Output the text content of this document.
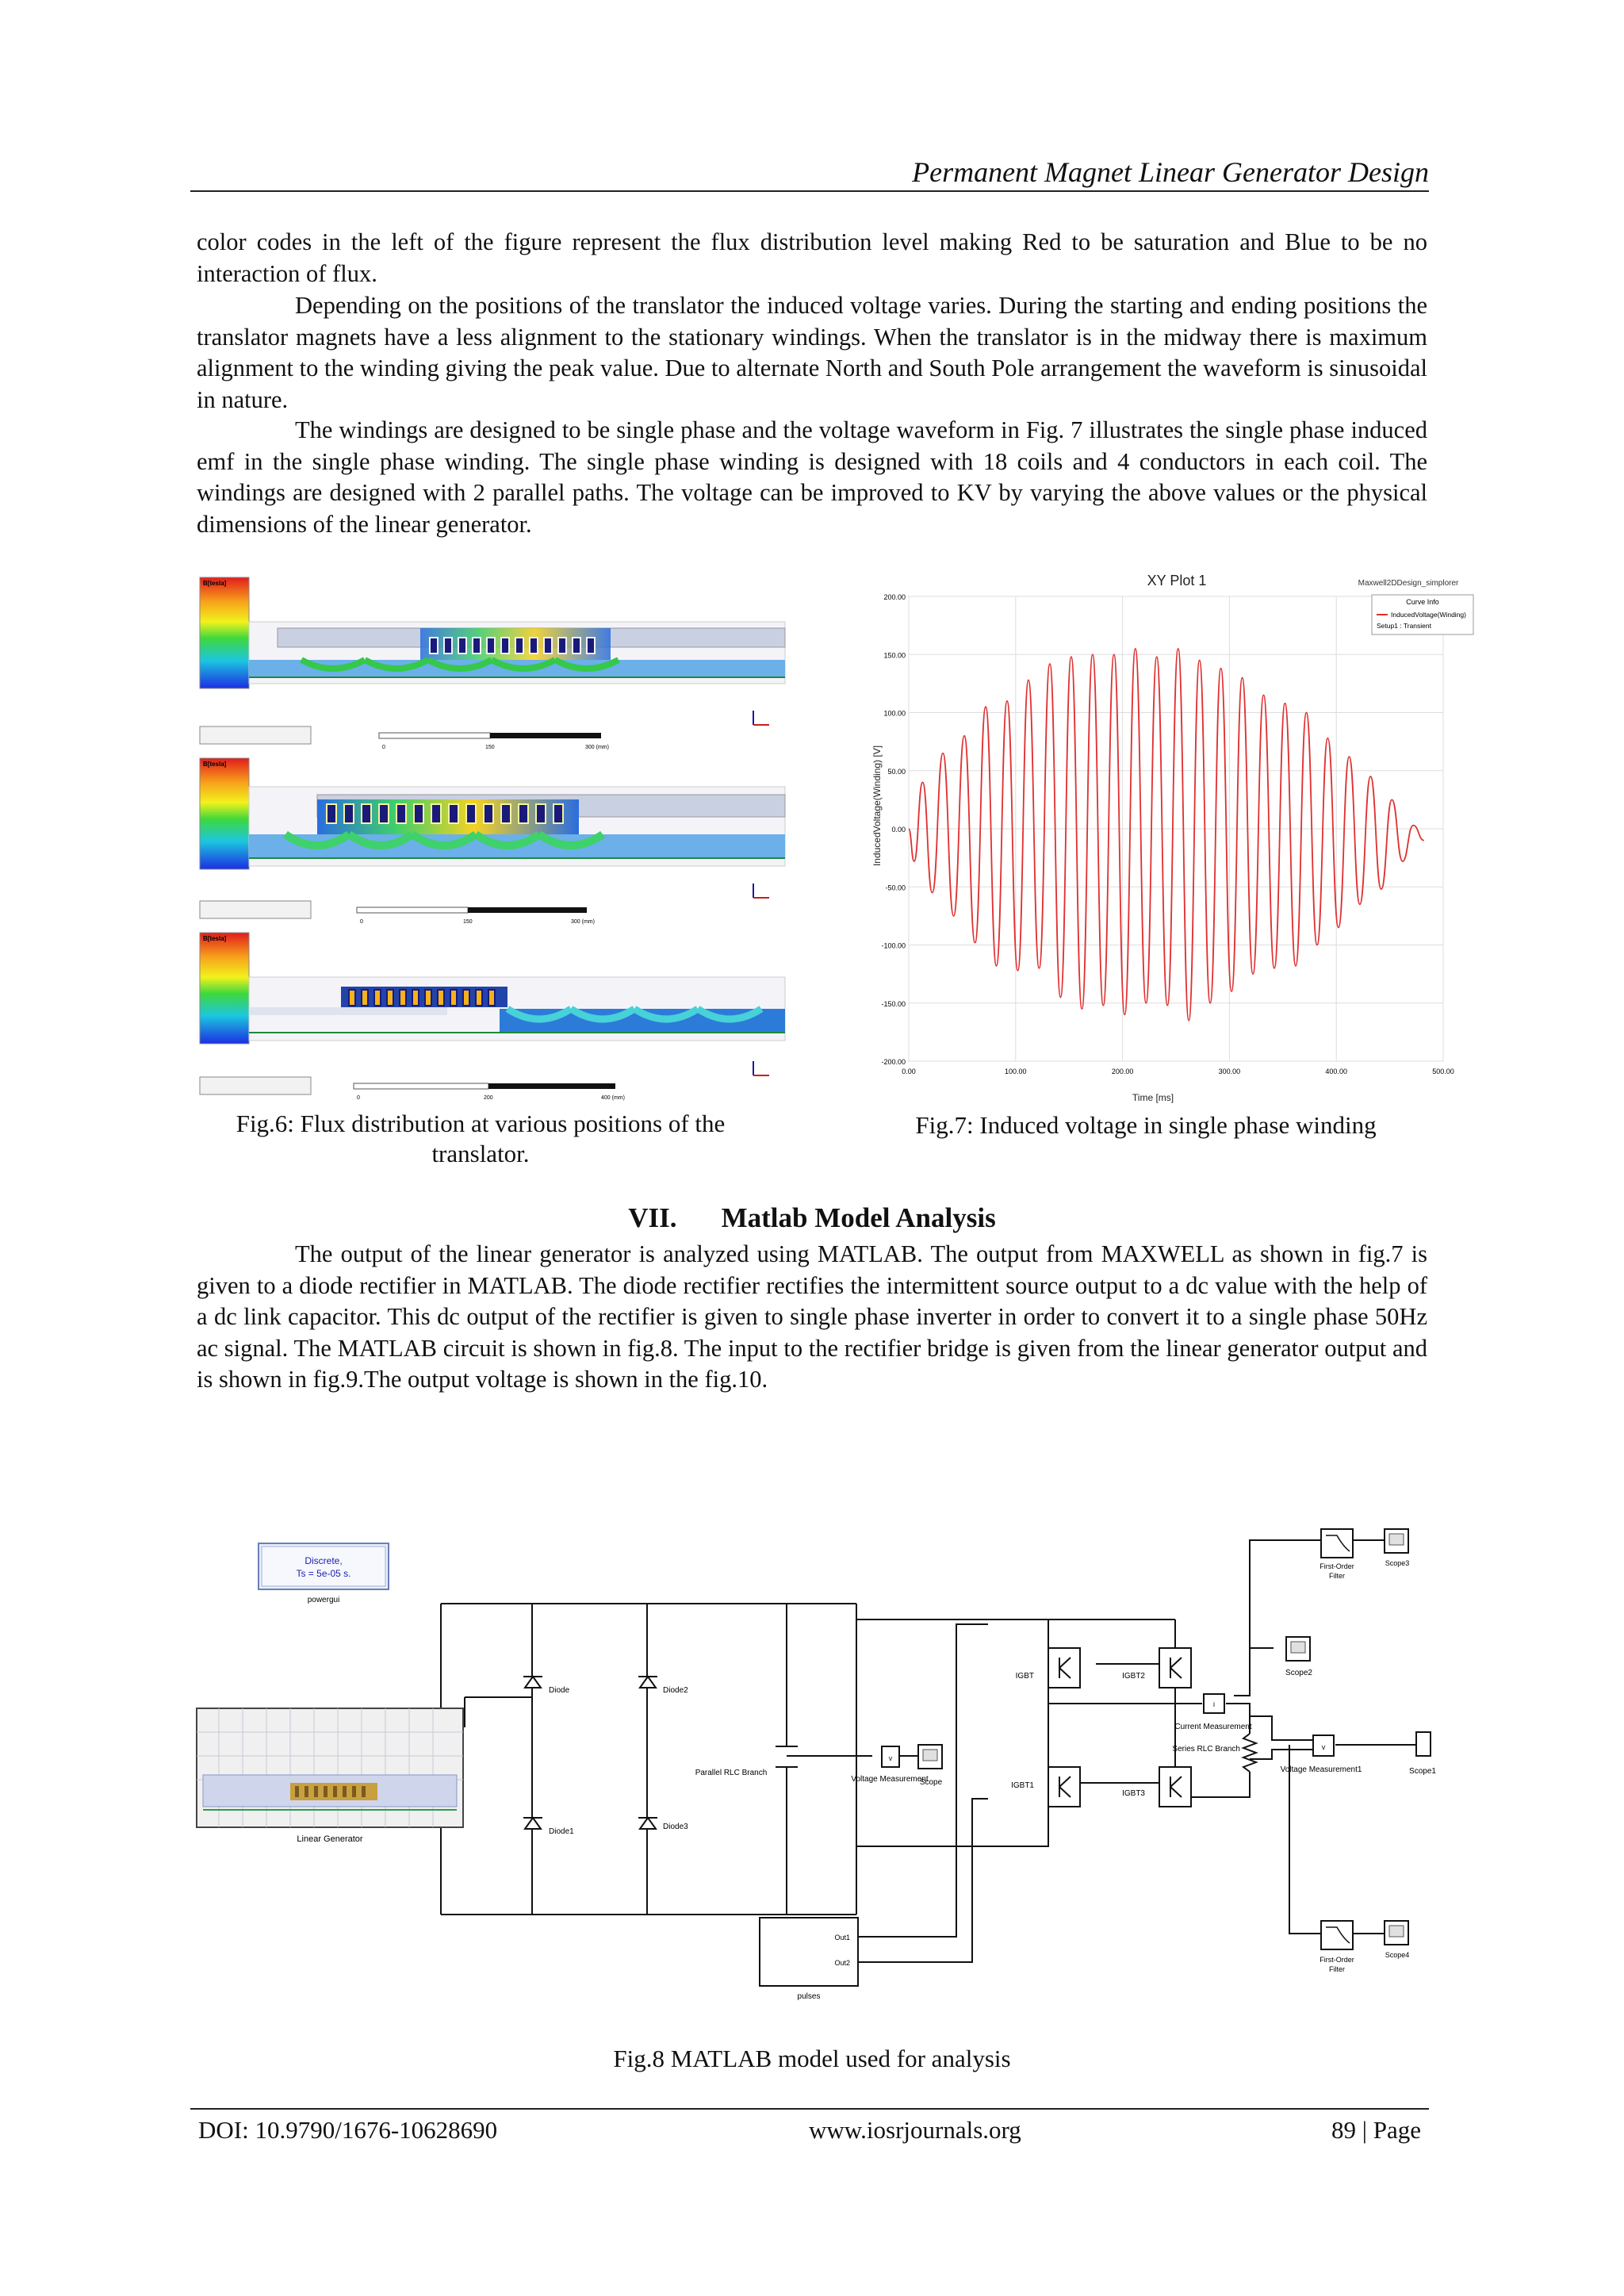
Permanent Magnet Linear Generator Design

color codes in the left of the figure represent the flux distribution level making Red to be saturation and Blue to be no interaction of flux.

Depending on the positions of the translator the induced voltage varies. During the starting and ending positions the translator magnets have a less alignment to the stationary windings. When the translator is in the midway there is maximum alignment to the winding giving the peak value. Due to alternate North and South Pole arrangement the waveform is sinusoidal in nature.

The windings are designed to be single phase and the voltage waveform in Fig. 7 illustrates the single phase induced emf in the single phase winding. The single phase winding is designed with 18 coils and 4 conductors in each coil. The windings are designed with 2 parallel paths. The voltage can be improved to KV by varying the above values or the physical dimensions of the linear generator.

B[tesla]
0	150	300 (mm)
B[tesla]
0	150	300 (mm)
B[tesla]
0	200	400 (mm)
XY Plot 1	Maxwell2DDesign_simplorer
200.00
150.00
100.00
50.00
0.00
-50.00
-100.00
-150.00
-200.00
0.00	100.00	200.00	300.00	400.00	500.00
InducedVoltage(Winding) [V]
Time [ms]
Curve Info
InducedVoltage(Winding)
Setup1 : Transient

Fig.6: Flux distribution at various positions of the
translator.

Fig.7: Induced voltage in single phase winding

VII. Matlab Model Analysis

The output of the linear generator is analyzed using MATLAB. The output from MAXWELL as shown in fig.7 is given to a diode rectifier in MATLAB. The diode rectifier rectifies the intermittent source output to a dc value with the help of a dc link capacitor. This dc output of the rectifier is given to single phase inverter in order to convert it to a single phase 50Hz ac signal. The MATLAB circuit is shown in fig.8. The input to the rectifier bridge is given from the linear generator output and is shown in fig.9.The output voltage is shown in the fig.10.

Discrete,
Ts = 5e-05 s.
powergui
Linear Generator
Diode	Diode2
Diode1
Diode3
Parallel RLC Branch
v
Voltage Measurement
Scope
IGBT	IGBT2
IGBT1
IGBT3
i
Current Measurement
Series RLC Branch	v
Voltage Measurement1	Scope1
Scope2
First-Order
Filter
Scope3
First-Order
Filter
Scope4
Out1
Out2
pulses

Fig.8 MATLAB model used for analysis

DOI: 10.9790/1676-10628690	www.iosrjournals.org	89 | Page
